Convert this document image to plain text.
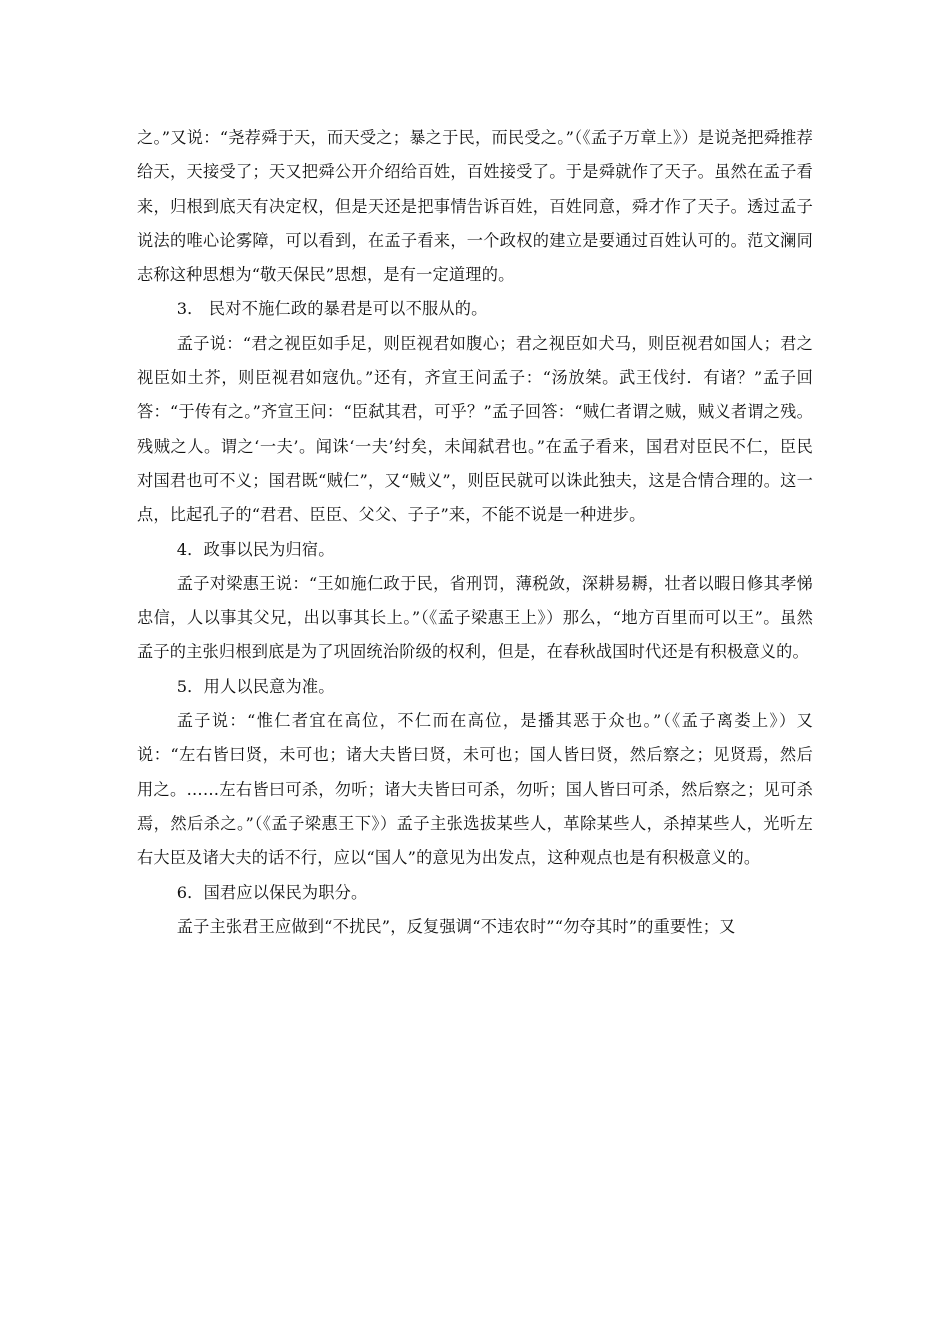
之。”又说：“尧荐舜于天，而天受之；暴之于民，而民受之。”（《孟子万章上》）是说尧把舜推荐给天，天接受了；天又把舜公开介绍给百姓，百姓接受了。于是舜就作了天子。虽然在孟子看来，归根到底天有决定权，但是天还是把事情告诉百姓，百姓同意，舜才作了天子。透过孟子说法的唯心论雾障，可以看到，在孟子看来，一个政权的建立是要通过百姓认可的。范文澜同志称这种思想为“敬天保民”思想，是有一定道理的。

3． 民对不施仁政的暴君是可以不服从的。

孟子说：“君之视臣如手足，则臣视君如腹心；君之视臣如犬马，则臣视君如国人；君之视臣如土芥，则臣视君如寇仇。”还有，齐宣王问孟子：“汤放桀。武王伐纣．有诸？”孟子回答：“于传有之。”齐宣王问：“臣弑其君，可乎？”孟子回答：“贼仁者谓之贼，贼义者谓之残。残贼之人。谓之‘一夫’。闻诛‘一夫’纣矣，未闻弑君也。”在孟子看来，国君对臣民不仁，臣民对国君也可不义；国君既“贼仁”，又“贼义”，则臣民就可以诛此独夫，这是合情合理的。这一点，比起孔子的“君君、臣臣、父父、子子”来，不能不说是一种进步。

4．政事以民为归宿。

孟子对梁惠王说：“王如施仁政于民，省刑罚，薄税敛，深耕易耨，壮者以暇日修其孝悌忠信，人以事其父兄，出以事其长上。”（《孟子梁惠王上》）那么，“地方百里而可以王”。虽然孟子的主张归根到底是为了巩固统治阶级的权利，但是，在春秋战国时代还是有积极意义的。

5．用人以民意为准。

孟子说：“惟仁者宜在高位，不仁而在高位，是播其恶于众也。”（《孟子离娄上》）又说：“左右皆曰贤，未可也；诸大夫皆曰贤，未可也；国人皆曰贤，然后察之；见贤焉，然后用之。……左右皆曰可杀，勿听；诸大夫皆曰可杀，勿听；国人皆曰可杀，然后察之；见可杀焉，然后杀之。”（《孟子梁惠王下》）孟子主张选拔某些人，革除某些人，杀掉某些人，光听左右大臣及诸大夫的话不行，应以“国人”的意见为出发点，这种观点也是有积极意义的。

6．国君应以保民为职分。

孟子主张君王应做到“不扰民”，反复强调“不违农时”“勿夺其时”的重要性；又
